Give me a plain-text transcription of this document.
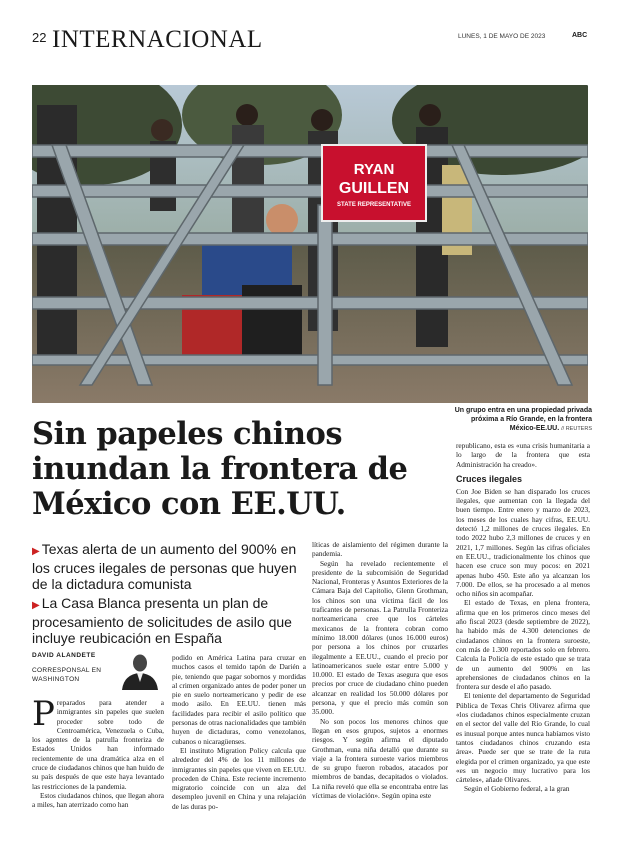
22 INTERNACIONAL	LUNES, 1 DE MAYO DE 2023	ABC
RYAN
GUILLEN
STATE REPRESENTATIVE
Un grupo entra en una propiedad privada próxima a Río Grande, en la frontera México-EE.UU. // REUTERS
Sin papeles chinos inundan la frontera de México con EE.UU.
▶ Texas alerta de un aumento del 900% en los cruces ilegales de personas que huyen de la dictadura comunista
▶ La Casa Blanca presenta un plan de procesamiento de solicitudes de asilo que incluye reubicación en España
DAVID ALANDETE
CORRESPONSAL EN WASHINGTON
P reparados para atender a inmigrantes sin papeles que suelen proceder sobre todo de Centroamérica, Venezuela o Cuba, los agentes de la patrulla fronteriza de Estados Unidos han informado recientemente de una dramática alza en el cruce de ciudadanos chinos que han huido de su país después de que este haya levantado las restricciones de la pandemia.

Estos ciudadanos chinos, que llegan ahora a miles, han aterrizado como han

podido en América Latina para cruzar en muchos casos el temido tapón de Darién a pie, teniendo que pagar sobornos y mordidas al crimen organizado antes de poder poner un pie en suelo norteamericano y pedir de ese modo asilo. En EE.UU. tienen más facilidades para recibir el asilo político que personas de otras nacionalidades que también huyen de dictaduras, como venezolanos, cubanos o nicaragüenses.

El instituto Migration Policy calcula que alrededor del 4% de los 11 millones de inmigrantes sin papeles que viven en EE.UU. proceden de China. Este reciente incremento migratorio coincide con un alza del desempleo juvenil en China y una relajación de las duras po-

líticas de aislamiento del régimen durante la pandemia.

Según ha revelado recientemente el presidente de la subcomisión de Seguridad Nacional, Fronteras y Asuntos Exteriores de la Cámara Baja del Capitolio, Glenn Grothman, los chinos son una víctima fácil de los traficantes de personas. La Patrulla Fronteriza norteamericana cree que los cárteles mexicanos de la frontera cobran como mínimo 18.000 dólares (unos 16.000 euros) por persona a los chinos por cruzarles ilegalmente a EE.UU., cuando el precio por latinoamericanos suele estar entre 5.000 y 10.000. El estado de Texas asegura que esos precios por cruce de ciudadano chino pueden alcanzar en realidad los 50.000 dólares por persona, y que el precio más común son 35.000.

No son pocos los menores chinos que llegan en esos grupos, sujetos a enormes riesgos. Y según afirma el diputado Grothman, «una niña detalló que durante su viaje a la frontera suroeste varios miembros de su grupo fueron robados, atacados por miembros de bandas, decapitados o violados. La niña reveló que ella se encontraba entre las víctimas de violación». Según opina este

republicano, esta es «una crisis humanitaria a lo largo de la frontera que esta Administración ha creado».

Cruces ilegales

Con Joe Biden se han disparado los cruces ilegales, que aumentan con la llegada del buen tiempo. Entre enero y marzo de 2023, los meses de los cuales hay cifras, EE.UU. detectó 1,2 millones de cruces ilegales. En todo 2022 hubo 2,3 millones de cruces y en 2021, 1,7 millones. Según las cifras oficiales en EE.UU., tradicionalmente los chinos que hacen ese cruce son muy pocos: en 2021 apenas hubo 450. Este año ya alcanzan los 7.000. De ellos, se ha procesado a al menos ocho niños sin acompañar.

El estado de Texas, en plena frontera, afirma que en los primeros cinco meses del año fiscal 2023 (desde septiembre de 2022), ha habido más de 4.300 detenciones de ciudadanos chinos en la frontera suroeste, con más de 1.300 reportados solo en febrero. Calcula la Policía de este estado que se trata de un aumento del 900% en las aprehensiones de ciudadanos chinos en la frontera sur desde el año pasado.

El teniente del departamento de Seguridad Pública de Texas Chris Olivarez afirma que «los ciudadanos chinos especialmente cruzan en el sector del valle del Río Grande, lo cual es inusual porque antes nunca habíamos visto tantos ciudadanos chinos cruzando esta área». Puede ser que se trate de la ruta elegida por el crimen organizado, ya que este «es un negocio muy lucrativo para los cárteles», añade Olivares.

Según el Gobierno federal, a la gran
